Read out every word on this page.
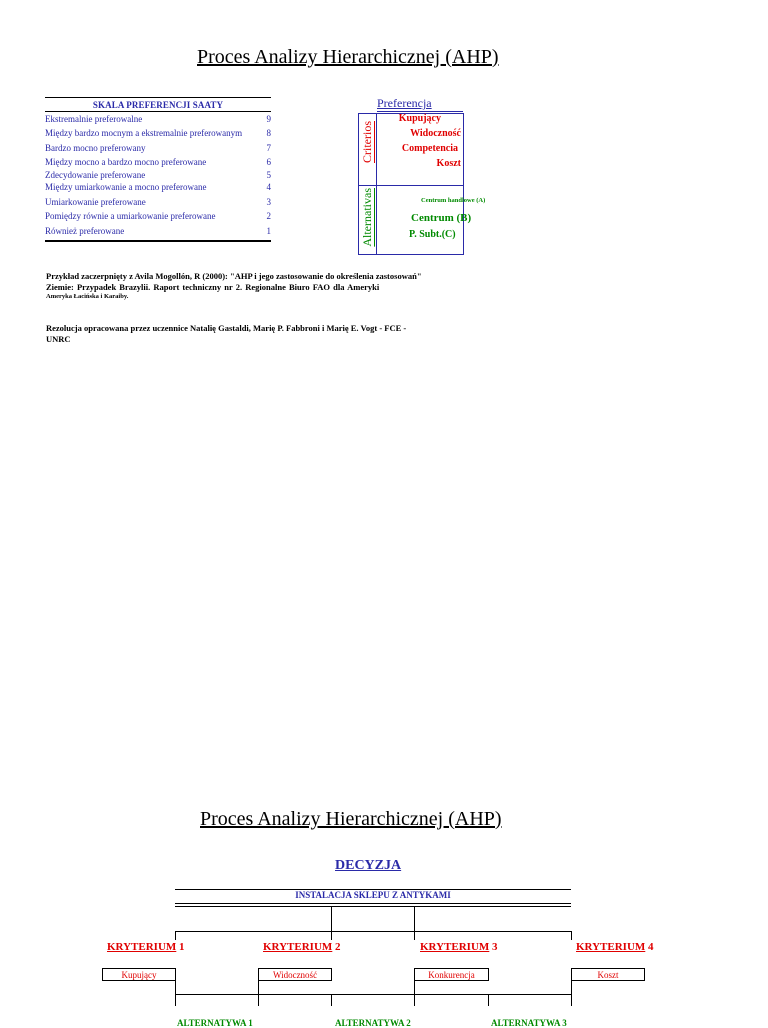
Proces Analizy Hierarchicznej (AHP)
SKALA PREFERENCJI SAATY
Ekstremalnie preferowalne	9
Między bardzo mocnym a ekstremalnie preferowanym	8
Bardzo mocno preferowany	7
Między mocno a bardzo mocno preferowane	6
Zdecydowanie preferowane	5
Między umiarkowanie a mocno preferowane	4
Umiarkowanie preferowane	3
Pomiędzy równie a umiarkowanie preferowane	2
Również preferowane	1
Preferencja
Criterios
Alternativas
Kupujący
Widoczność
Competencia
Koszt
Centrum handlowe (A)
Centrum (B)
P. Subt.(C)
Przykład zaczerpnięty z Avila Mogollón, R (2000): "AHP i jego zastosowanie do określenia zastosowań"
Ziemie: Przypadek Brazylii. Raport techniczny nr 2. Regionalne Biuro FAO dla Ameryki
Ameryka Łacińska i Karaiby.
Rezolucja opracowana przez uczennice Natalię Gastaldi, Marię P. Fabbroni i Marię E. Vogt - FCE -
UNRC
Proces Analizy Hierarchicznej (AHP)
DECYZJA
INSTALACJA SKLEPU Z ANTYKAMI
KRYTERIUM 1	KRYTERIUM 2	KRYTERIUM 3	KRYTERIUM 4
Kupujący	Widoczność	Konkurencja	Koszt
ALTERNATYWA 1	ALTERNATYWA 2	ALTERNATYWA 3
